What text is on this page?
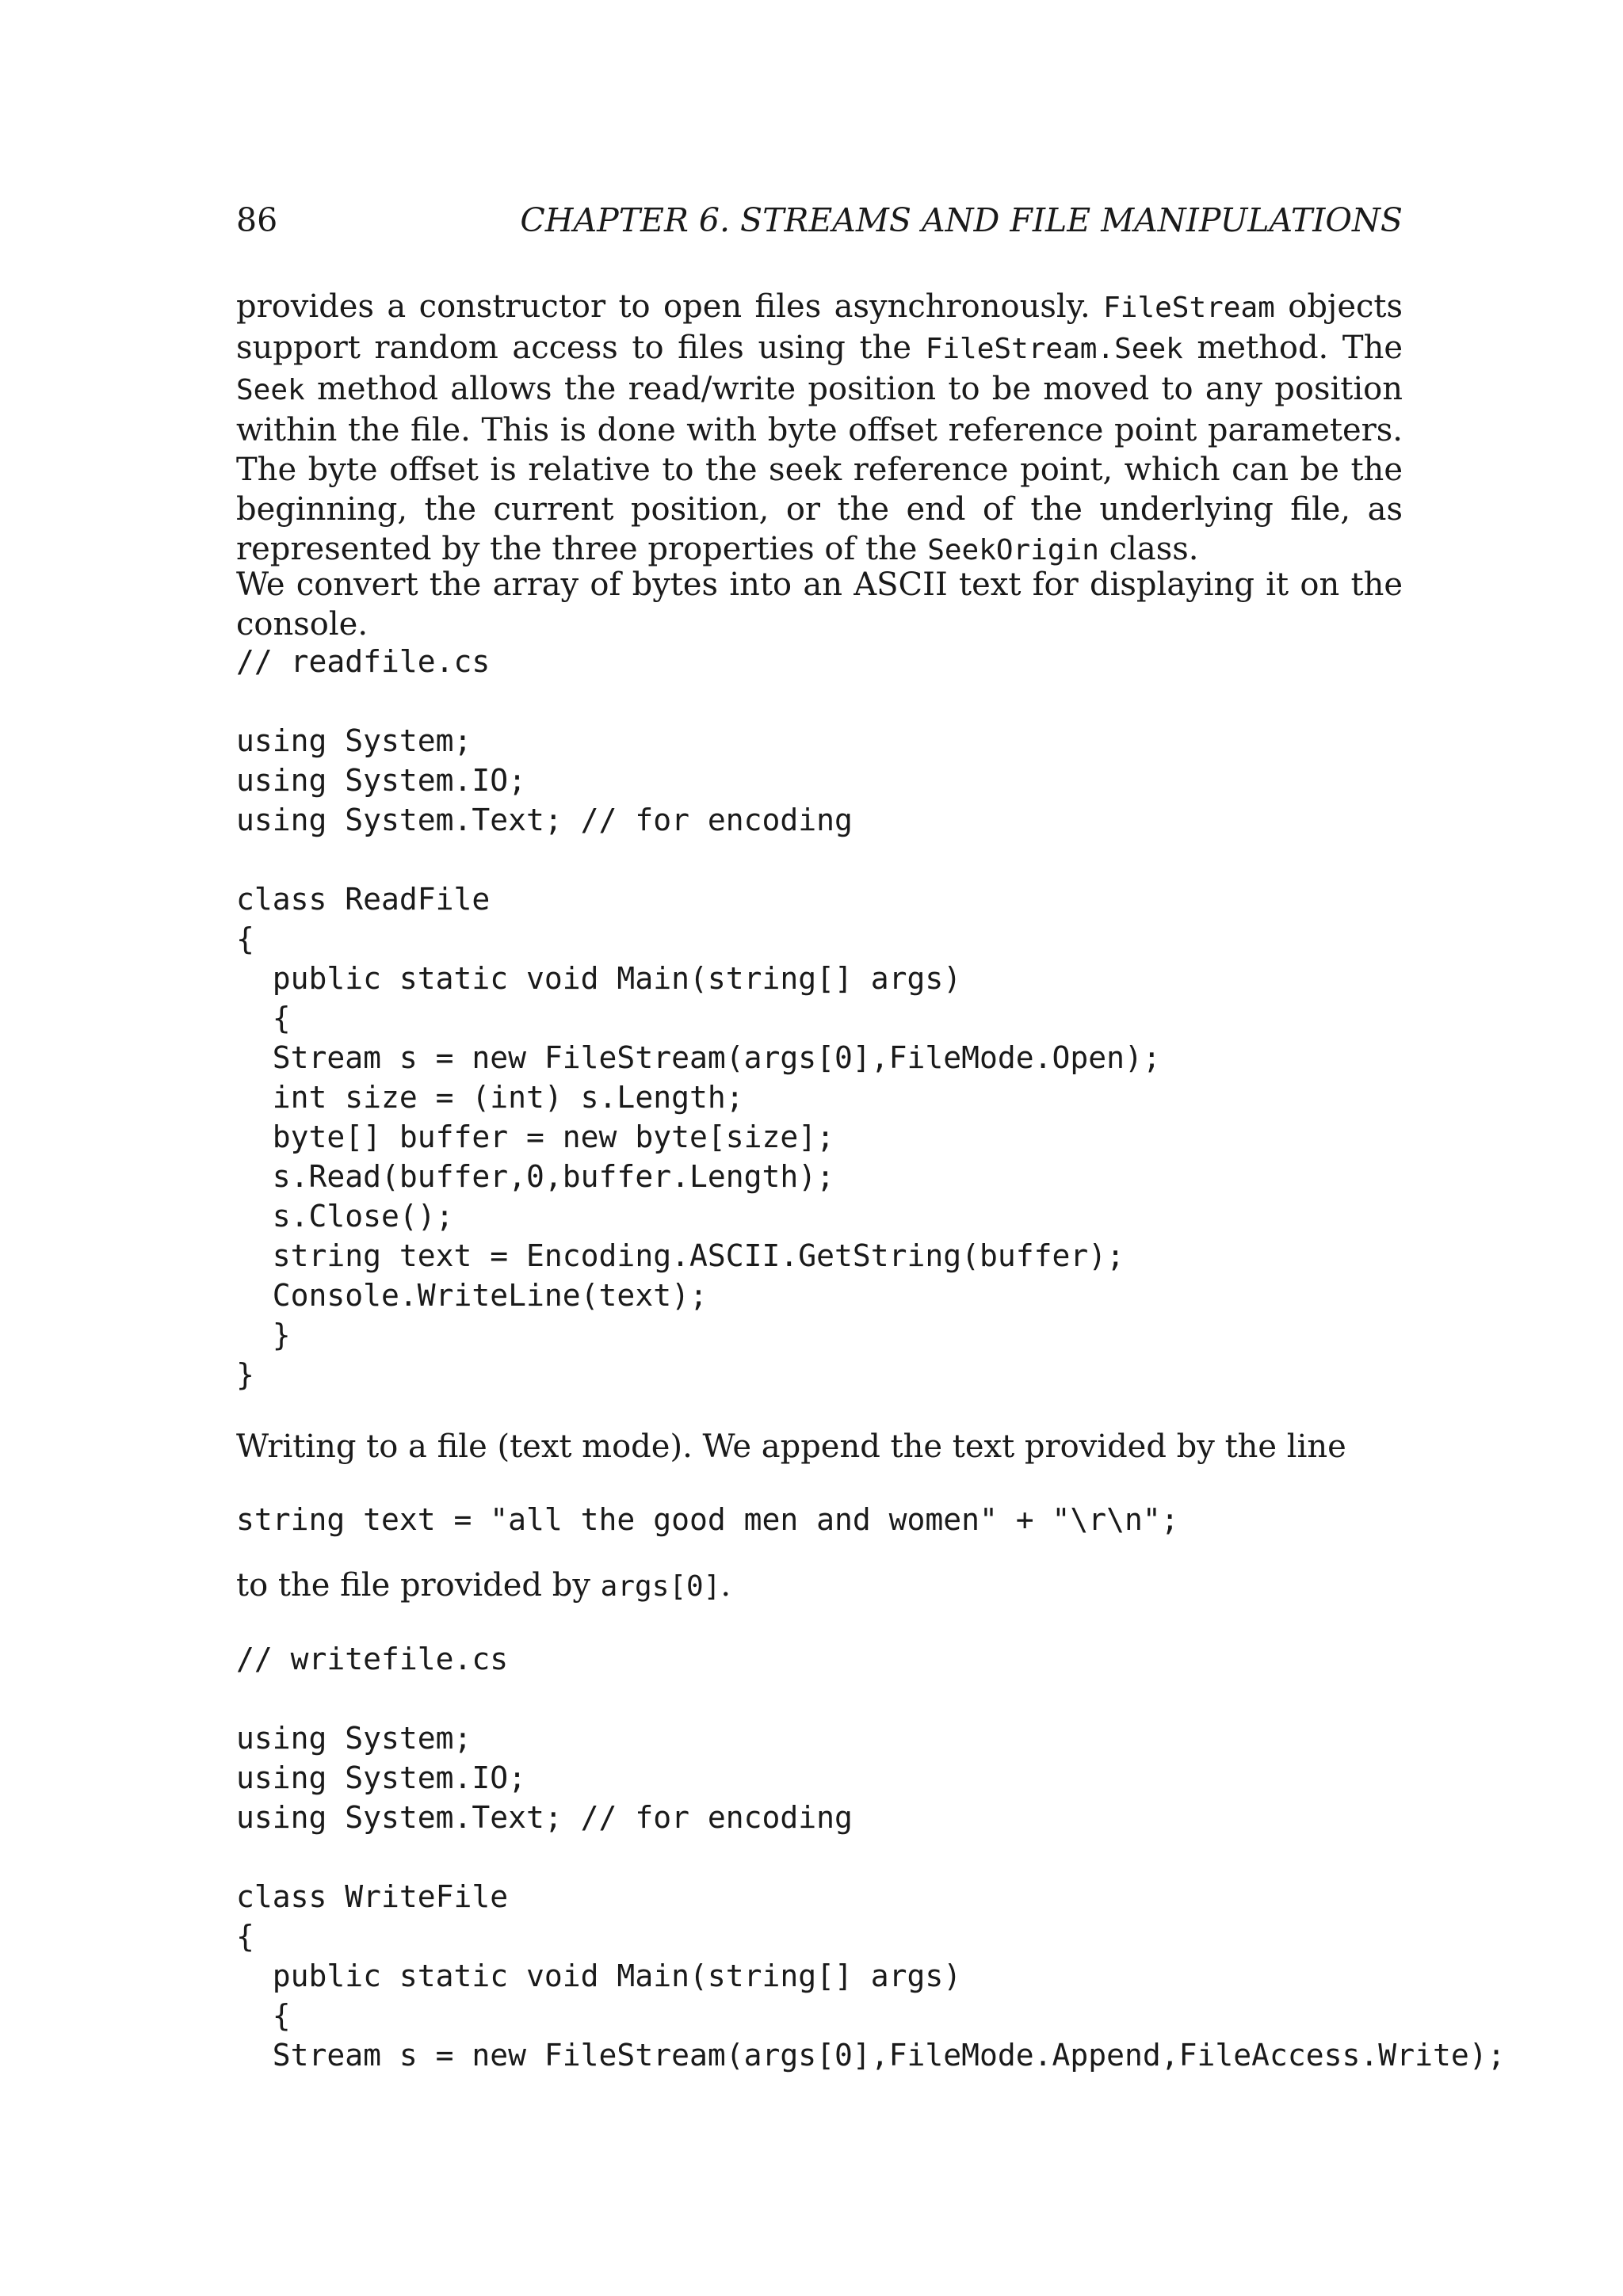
86	CHAPTER 6. STREAMS AND FILE MANIPULATIONS

provides a constructor to open files asynchronously. FileStream objects support random access to files using the FileStream.Seek method. The Seek method allows the read/write position to be moved to any position within the file. This is done with byte offset reference point parameters. The byte offset is relative to the seek reference point, which can be the beginning, the current position, or the end of the underlying file, as represented by the three properties of the SeekOrigin class.

We convert the array of bytes into an ASCII text for displaying it on the console.

// readfile.cs

using System;
using System.IO;
using System.Text; // for encoding

class ReadFile
{
public static void Main(string[] args)
{
Stream s = new FileStream(args[0],FileMode.Open);
int size = (int) s.Length;
byte[] buffer = new byte[size];
s.Read(buffer,0,buffer.Length);
s.Close();
string text = Encoding.ASCII.GetString(buffer);
Console.WriteLine(text);
}
}

Writing to a file (text mode). We append the text provided by the line

string text = "all the good men and women" + "\r\n";

to the file provided by args[0].

// writefile.cs

using System;
using System.IO;
using System.Text; // for encoding

class WriteFile
{
public static void Main(string[] args)
{
Stream s = new FileStream(args[0],FileMode.Append,FileAccess.Write);
